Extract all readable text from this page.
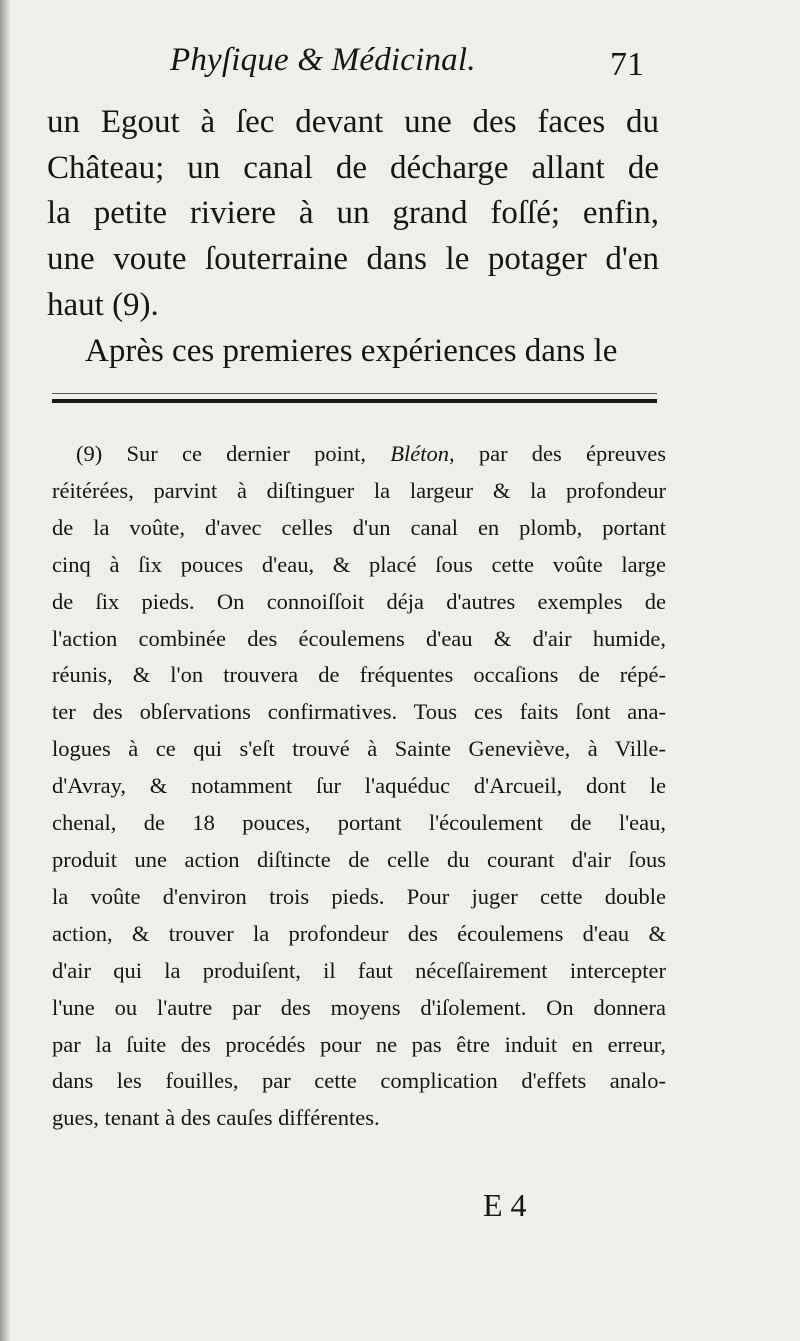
Phyſique & Médicinal.	71
un Egout à ſec devant une des faces du
Château; un canal de décharge allant de
la petite riviere à un grand foſſé; enfin,
une voute ſouterraine dans le potager d'en
haut (9).
Après ces premieres expériences dans le
(9) Sur ce dernier point, Bléton, par des épreuves
réitérées, parvint à diſtinguer la largeur & la profondeur
de la voûte, d'avec celles d'un canal en plomb, portant
cinq à ſix pouces d'eau, & placé ſous cette voûte large
de ſix pieds. On connoiſſoit déja d'autres exemples de
l'action combinée des écoulemens d'eau & d'air humide,
réunis, & l'on trouvera de fréquentes occaſions de répé-
ter des obſervations confirmatives. Tous ces faits ſont ana-
logues à ce qui s'eſt trouvé à Sainte Geneviève, à Ville-
d'Avray, & notamment ſur l'aquéduc d'Arcueil, dont le
chenal, de 18 pouces, portant l'écoulement de l'eau,
produit une action diſtincte de celle du courant d'air ſous
la voûte d'environ trois pieds. Pour juger cette double
action, & trouver la profondeur des écoulemens d'eau &
d'air qui la produiſent, il faut néceſſairement intercepter
l'une ou l'autre par des moyens d'iſolement. On donnera
par la ſuite des procédés pour ne pas être induit en erreur,
dans les fouilles, par cette complication d'effets analo-
gues, tenant à des cauſes différentes.
E 4
